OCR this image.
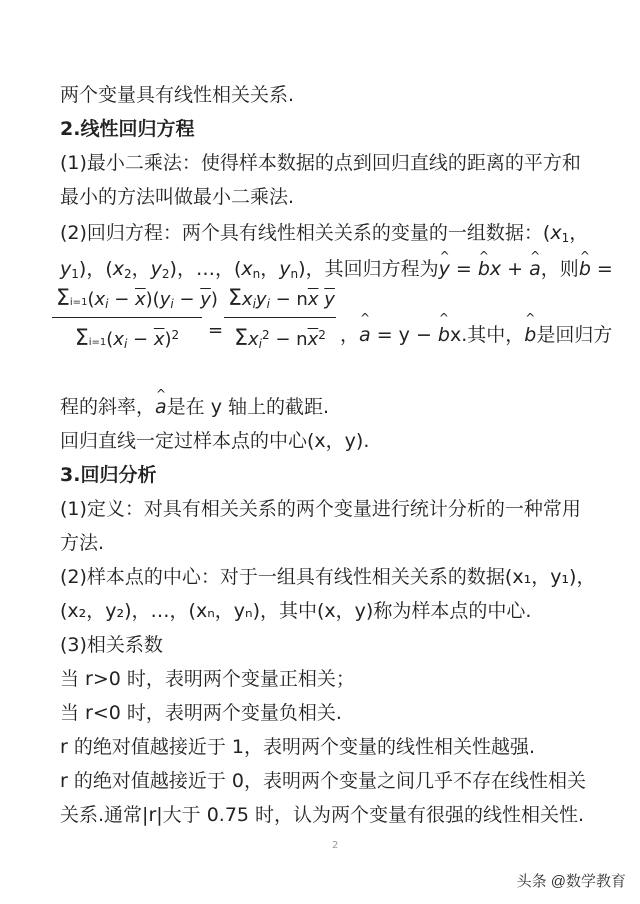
两个变量具有线性相关关系.
2.线性回归方程
(1)最小二乘法：使得样本数据的点到回归直线的距离的平方和
最小的方法叫做最小二乘法.
(2)回归方程：两个具有线性相关关系的变量的一组数据：($x_1$，
$y_1$)，($x_2$，$y_2$)，…，($x_n$，$y_n$)，其回归方程为^ y = ^ bx + ^ a，则^ b =
$\frac{\Sigma i=1(x_i - \overline{x})(y_i - \overline{y})}{\Sigma i=1(x_i - \overline{x})^2}$ =
$\Sigma x_iy_i - n\overline{x}$ $\overline{y}$
$\Sigma x_i^2 - n\overline{x}^2$ ，^ a = y − ^ bx.其中，^ b是回归方
程的斜率，^ a是在 y 轴上的截距.
回归直线一定过样本点的中心(x，y).
3.回归分析
(1)定义：对具有相关关系的两个变量进行统计分析的一种常用
方法.
(2)样本点的中心：对于一组具有线性相关关系的数据(x₁，y₁)，
(x₂，y₂)，…，(xₙ，yₙ)，其中(x，y)称为样本点的中心.
(3)相关系数
当 r>0 时，表明两个变量正相关；
当 r<0 时，表明两个变量负相关.
r 的绝对值越接近于 1，表明两个变量的线性相关性越强.
r 的绝对值越接近于 0，表明两个变量之间几乎不存在线性相关
关系.通常|r|大于 0.75 时，认为两个变量有很强的线性相关性.
2
头条 @数学教育
